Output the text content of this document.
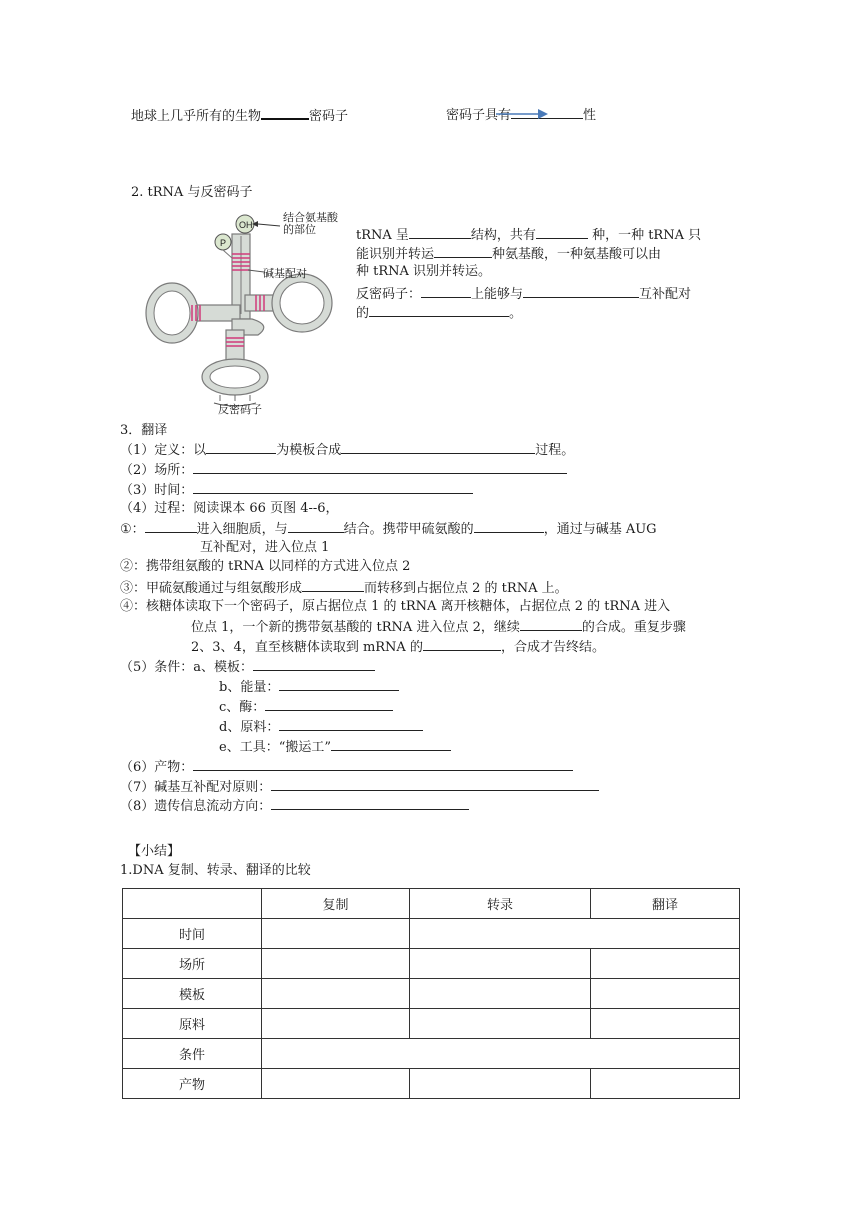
地球上几乎所有的生物	密码子	密码子具有	性
2. tRNA 与反密码子
OH
P
结合氨基酸
的部位
碱基配对
反密码子
tRNA 呈	结构，共有	种，一种 tRNA 只
能识别并转运	种氨基酸，一种氨基酸可以由
种 tRNA 识别并转运。
反密码子：	上能够与	互补配对
的	。
3．翻译
（1）定义：以	为模板合成	过程。
（2）场所：
（3）时间：
（4）过程：阅读课本 66 页图 4--6，
①：	进入细胞质，与	结合。携带甲硫氨酸的	，通过与碱基 AUG
互补配对，进入位点 1
②：携带组氨酸的 tRNA 以同样的方式进入位点 2
③：甲硫氨酸通过与组氨酸形成	而转移到占据位点 2 的 tRNA 上。
④：核糖体读取下一个密码子，原占据位点 1 的 tRNA 离开核糖体，占据位点 2 的 tRNA 进入
位点 1，一个新的携带氨基酸的 tRNA 进入位点 2，继续	的合成。重复步骤
2、3、4，直至核糖体读取到 mRNA 的	，合成才告终结。
（5）条件：a、模板：
b、能量：
c、酶：
d、原料：
e、工具：“搬运工”
（6）产物：
（7）碱基互补配对原则：
（8）遗传信息流动方向：
【小结】
1.DNA 复制、转录、翻译的比较
	复制	转录	翻译
时间			
场所			
模板			
原料			
条件			
产物			
